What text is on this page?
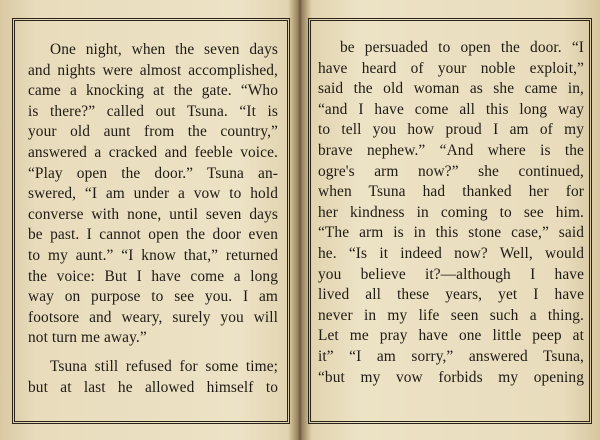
One night, when the seven days
and nights were almost accomplished,
came a knocking at the gate. “Who
is there?” called out Tsuna. “It is
your old aunt from the country,”
answered a cracked and feeble voice.
“Play open the door.” Tsuna an-
swered, “I am under a vow to hold
converse with none, until seven days
be past. I cannot open the door even
to my aunt.” “I know that,” returned
the voice: But I have come a long
way on purpose to see you. I am
footsore and weary, surely you will
not turn me away.”
Tsuna still refused for some time;
but at last he allowed himself to
be persuaded to open the door. “I
have heard of your noble exploit,”
said the old woman as she came in,
“and I have come all this long way
to tell you how proud I am of my
brave nephew.” “And where is the
ogre's arm now?” she continued,
when Tsuna had thanked her for
her kindness in coming to see him.
“The arm is in this stone case,” said
he. “Is it indeed now? Well, would
you believe it?—although I have
lived all these years, yet I have
never in my life seen such a thing.
Let me pray have one little peep at
it” “I am sorry,” answered Tsuna,
“but my vow forbids my opening
